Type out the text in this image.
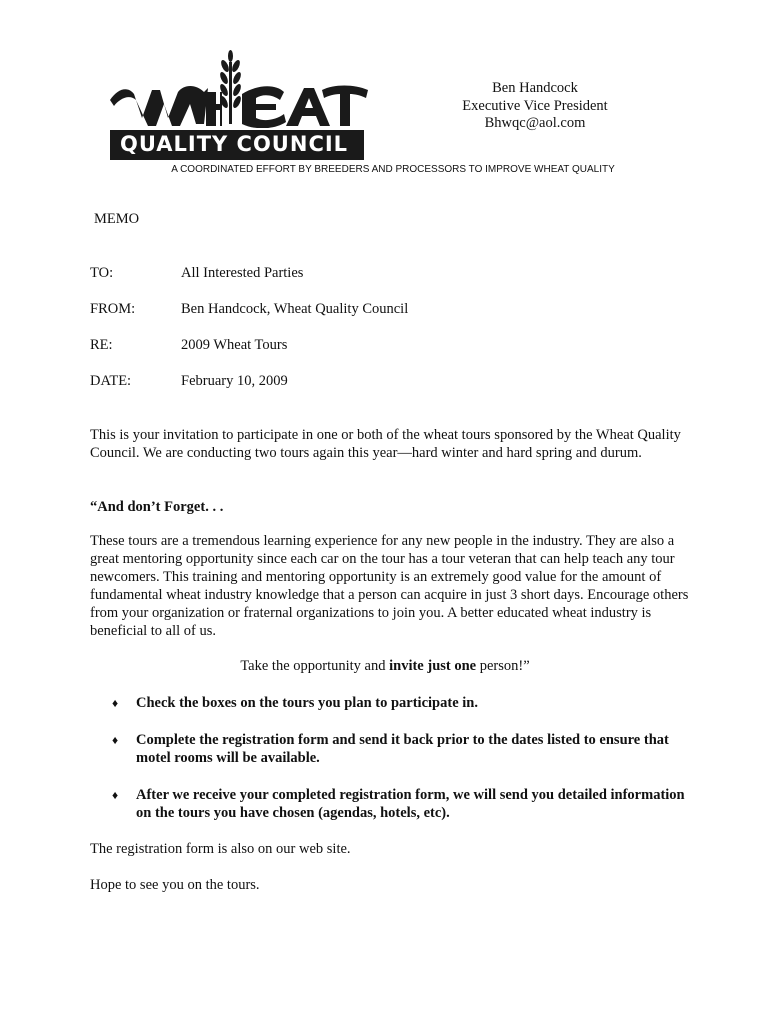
QUALITY COUNCIL
Ben Handcock
Executive Vice President
Bhwqc@aol.com
A COORDINATED EFFORT BY BREEDERS AND PROCESSORS TO IMPROVE WHEAT QUALITY
MEMO
TO:	All Interested Parties
FROM:	Ben Handcock, Wheat Quality Council
RE:	2009 Wheat Tours
DATE:	February 10, 2009
This is your invitation to participate in one or both of the wheat tours sponsored by the Wheat Quality Council. We are conducting two tours again this year—hard winter and hard spring and durum.
“And don’t Forget. . .
These tours are a tremendous learning experience for any new people in the industry. They are also a great mentoring opportunity since each car on the tour has a tour veteran that can help teach any tour newcomers. This training and mentoring opportunity is an extremely good value for the amount of fundamental wheat industry knowledge that a person can acquire in just 3 short days. Encourage others from your organization or fraternal organizations to join you. A better educated wheat industry is beneficial to all of us.
Take the opportunity and invite just one person!”
♦ Check the boxes on the tours you plan to participate in.
♦ Complete the registration form and send it back prior to the dates listed to ensure that motel rooms will be available.
♦ After we receive your completed registration form, we will send you detailed information on the tours you have chosen (agendas, hotels, etc).
The registration form is also on our web site.
Hope to see you on the tours.
